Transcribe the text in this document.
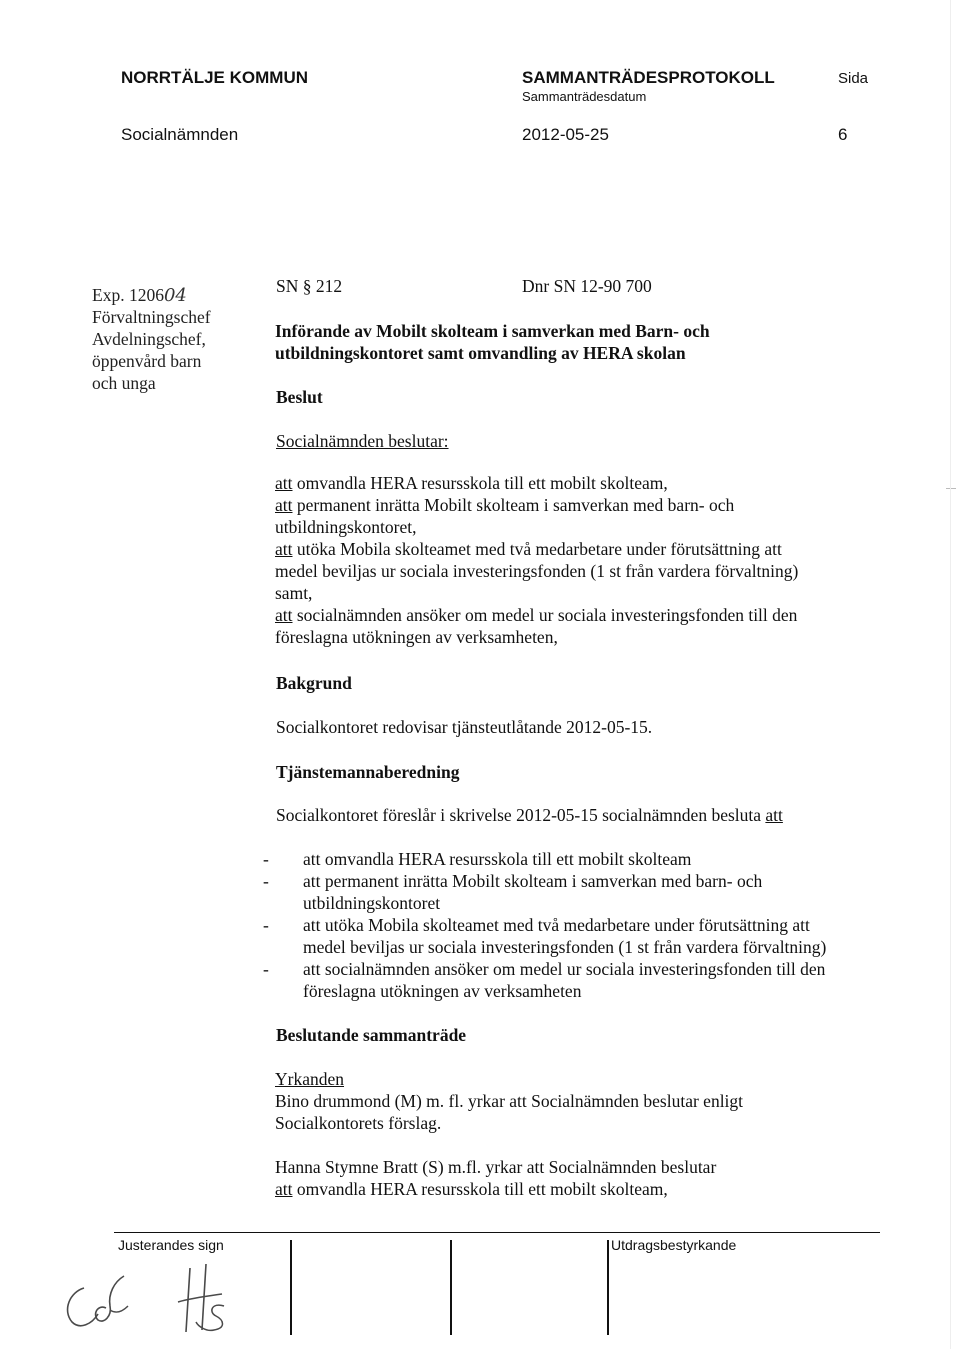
NORRTÄLJE KOMMUN	SAMMANTRÄDESPROTOKOLL
Sammanträdesdatum
Sida
Socialnämnden	2012-05-25	6
Exp. 120604
Förvaltningschef
Avdelningschef,
öppenvård barn
och unga
SN § 212	Dnr SN 12-90 700
Införande av Mobilt skolteam i samverkan med Barn- och
utbildningskontoret samt omvandling av HERA skolan
Beslut
Socialnämnden beslutar:
att omvandla HERA resursskola till ett mobilt skolteam,
att permanent inrätta Mobilt skolteam i samverkan med barn- och
utbildningskontoret,
att utöka Mobila skolteamet med två medarbetare under förutsättning att
medel beviljas ur sociala investeringsfonden (1 st från vardera förvaltning)
samt,
att socialnämnden ansöker om medel ur sociala investeringsfonden till den
föreslagna utökningen av verksamheten,
Bakgrund
Socialkontoret redovisar tjänsteutlåtande 2012-05-15.
Tjänstemannaberedning
Socialkontoret föreslår i skrivelse 2012-05-15 socialnämnden besluta att
-	att omvandla HERA resursskola till ett mobilt skolteam
-	att permanent inrätta Mobilt skolteam i samverkan med barn- och
utbildningskontoret
-	att utöka Mobila skolteamet med två medarbetare under förutsättning att
medel beviljas ur sociala investeringsfonden (1 st från vardera förvaltning)
-	att socialnämnden ansöker om medel ur sociala investeringsfonden till den
föreslagna utökningen av verksamheten
Beslutande sammanträde
Yrkanden
Bino drummond (M) m. fl. yrkar att Socialnämnden beslutar enligt
Socialkontorets förslag.
Hanna Stymne Bratt (S) m.fl. yrkar att Socialnämnden beslutar
att omvandla HERA resursskola till ett mobilt skolteam,
Justerandes sign	Utdragsbestyrkande
